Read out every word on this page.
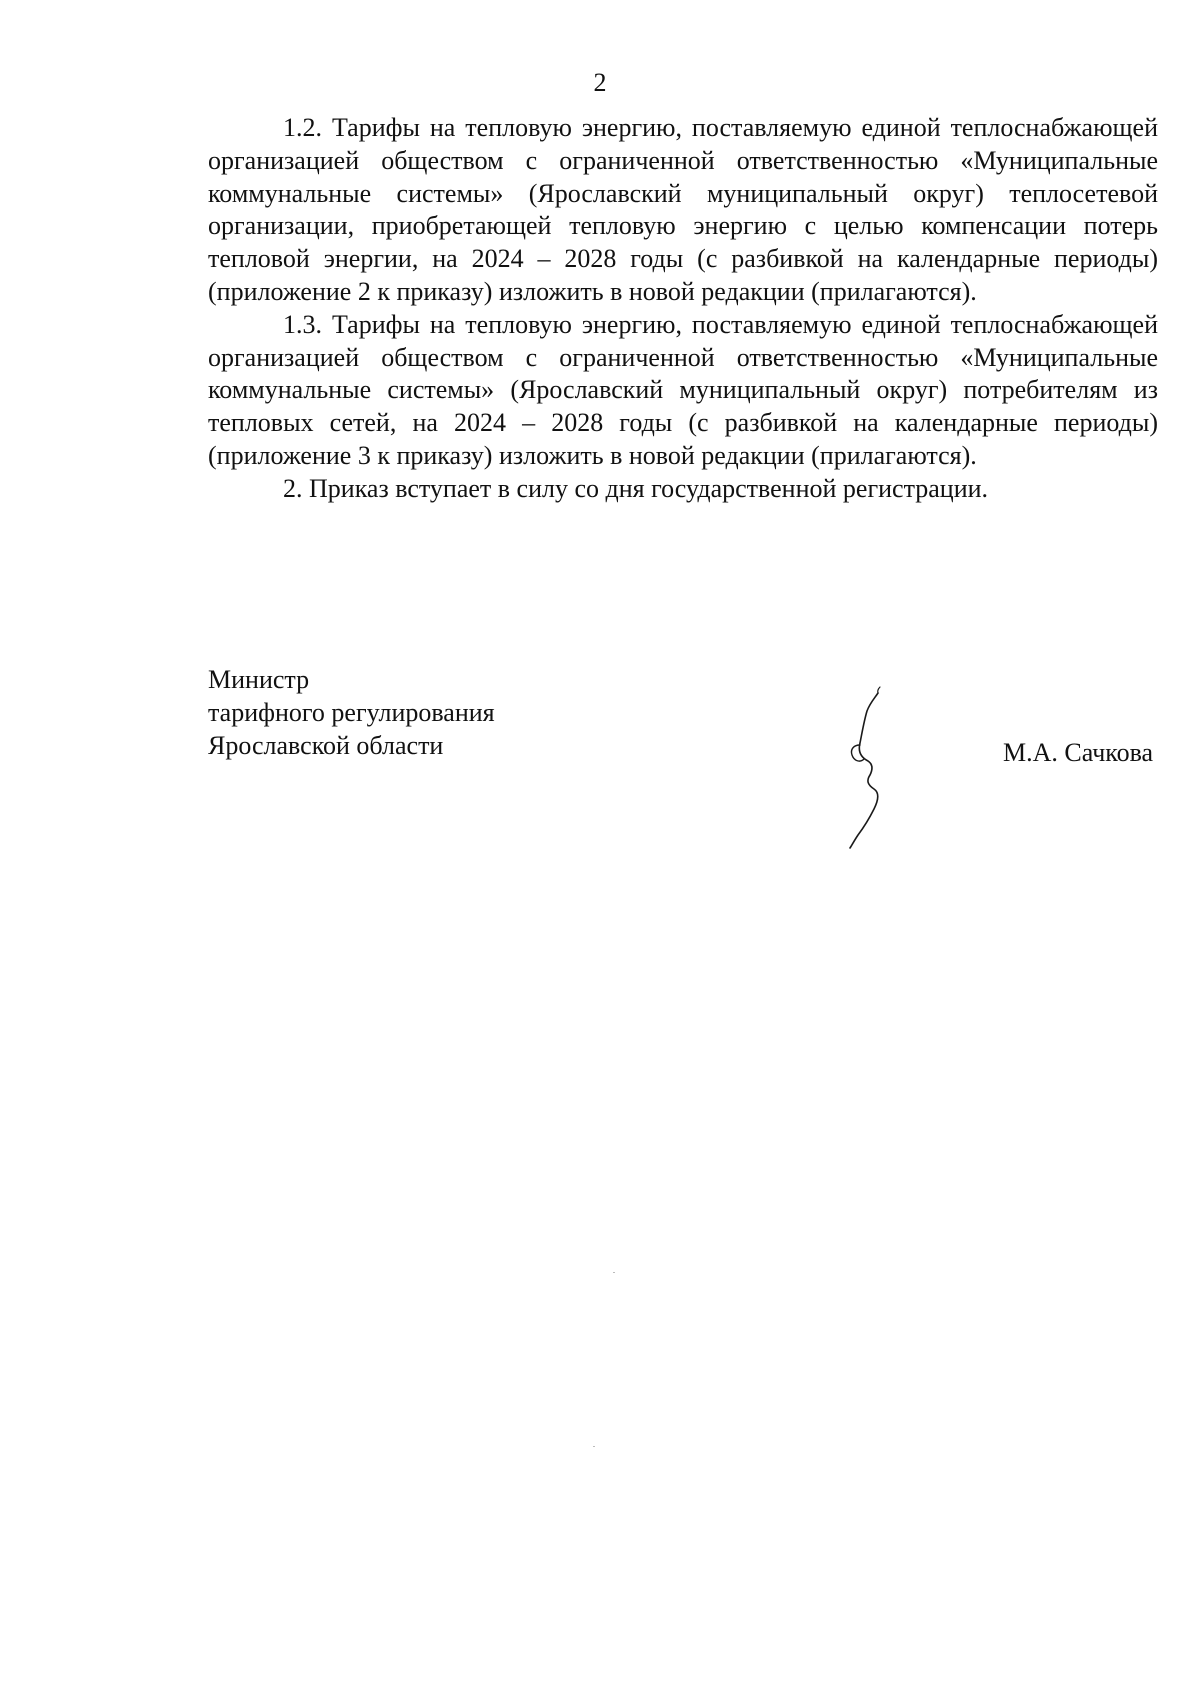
2

1.2. Тарифы на тепловую энергию, поставляемую единой теплоснабжающей организацией обществом с ограниченной ответственностью «Муниципальные коммунальные системы» (Ярославский муниципальный округ) теплосетевой организации, приобретающей тепловую энергию с целью компенсации потерь тепловой энергии, на 2024 – 2028 годы (с разбивкой на календарные периоды) (приложение 2 к приказу) изложить в новой редакции (прилагаются).

1.3. Тарифы на тепловую энергию, поставляемую единой теплоснабжающей организацией обществом с ограниченной ответственностью «Муниципальные коммунальные системы» (Ярославский муниципальный округ) потребителям из тепловых сетей, на 2024 – 2028 годы (с разбивкой на календарные периоды) (приложение 3 к приказу) изложить в новой редакции (прилагаются).

2. Приказ вступает в силу со дня государственной регистрации.

Министр
тарифного регулирования
Ярославской области	М.А. Сачкова
